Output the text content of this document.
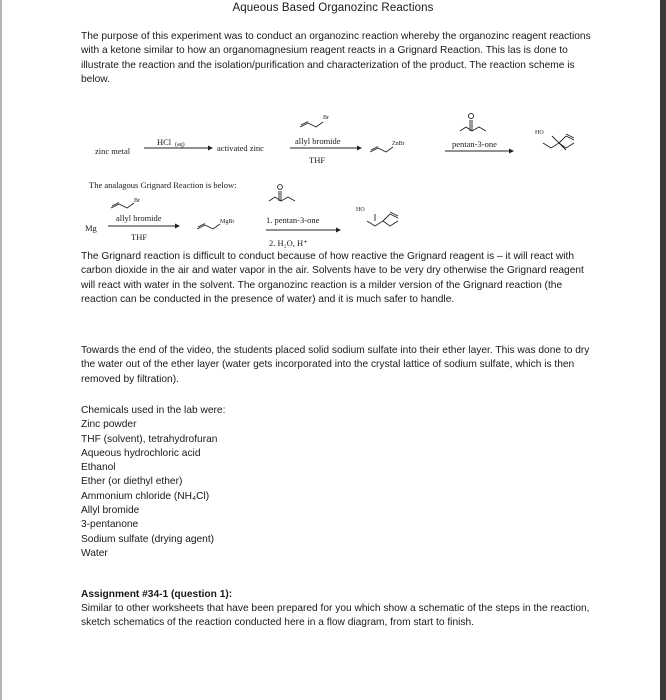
Aqueous Based Organozinc Reactions

The purpose of this experiment was to conduct an organozinc reaction whereby the organozinc reagent reactions with a ketone similar to how an organomagnesium reagent reacts in a Grignard Reaction. This las is done to illustrate the reaction and the isolation/purification and characterization of the product. The reaction scheme is below.

zinc metal
HCl (aq)	activated zinc
Br
allyl bromide
THF
ZnBr	pentan-3-one
HO
The analagous Grignard Reaction is below:
Br
allyl bromide
Mg
THF
MgBr	1. pentan-3-one
2. H₂O, H⁺
HO

The Grignard reaction is difficult to conduct because of how reactive the Grignard reagent is – it will react with carbon dioxide in the air and water vapor in the air. Solvents have to be very dry otherwise the Grignard reagent will react with water in the solvent. The organozinc reaction is a milder version of the Grignard reaction (the reaction can be conducted in the presence of water) and it is much safer to handle.

Towards the end of the video, the students placed solid sodium sulfate into their ether layer. This was done to dry the water out of the ether layer (water gets incorporated into the crystal lattice of sodium sulfate, which is then removed by filtration).

Chemicals used in the lab were:
Zinc powder
THF (solvent), tetrahydrofuran
Aqueous hydrochloric acid
Ethanol
Ether (or diethyl ether)
Ammonium chloride (NH₄Cl)
Allyl bromide
3-pentanone
Sodium sulfate (drying agent)
Water

Assignment #34-1 (question 1):

Similar to other worksheets that have been prepared for you which show a schematic of the steps in the reaction, sketch schematics of the reaction conducted here in a flow diagram, from start to finish.
